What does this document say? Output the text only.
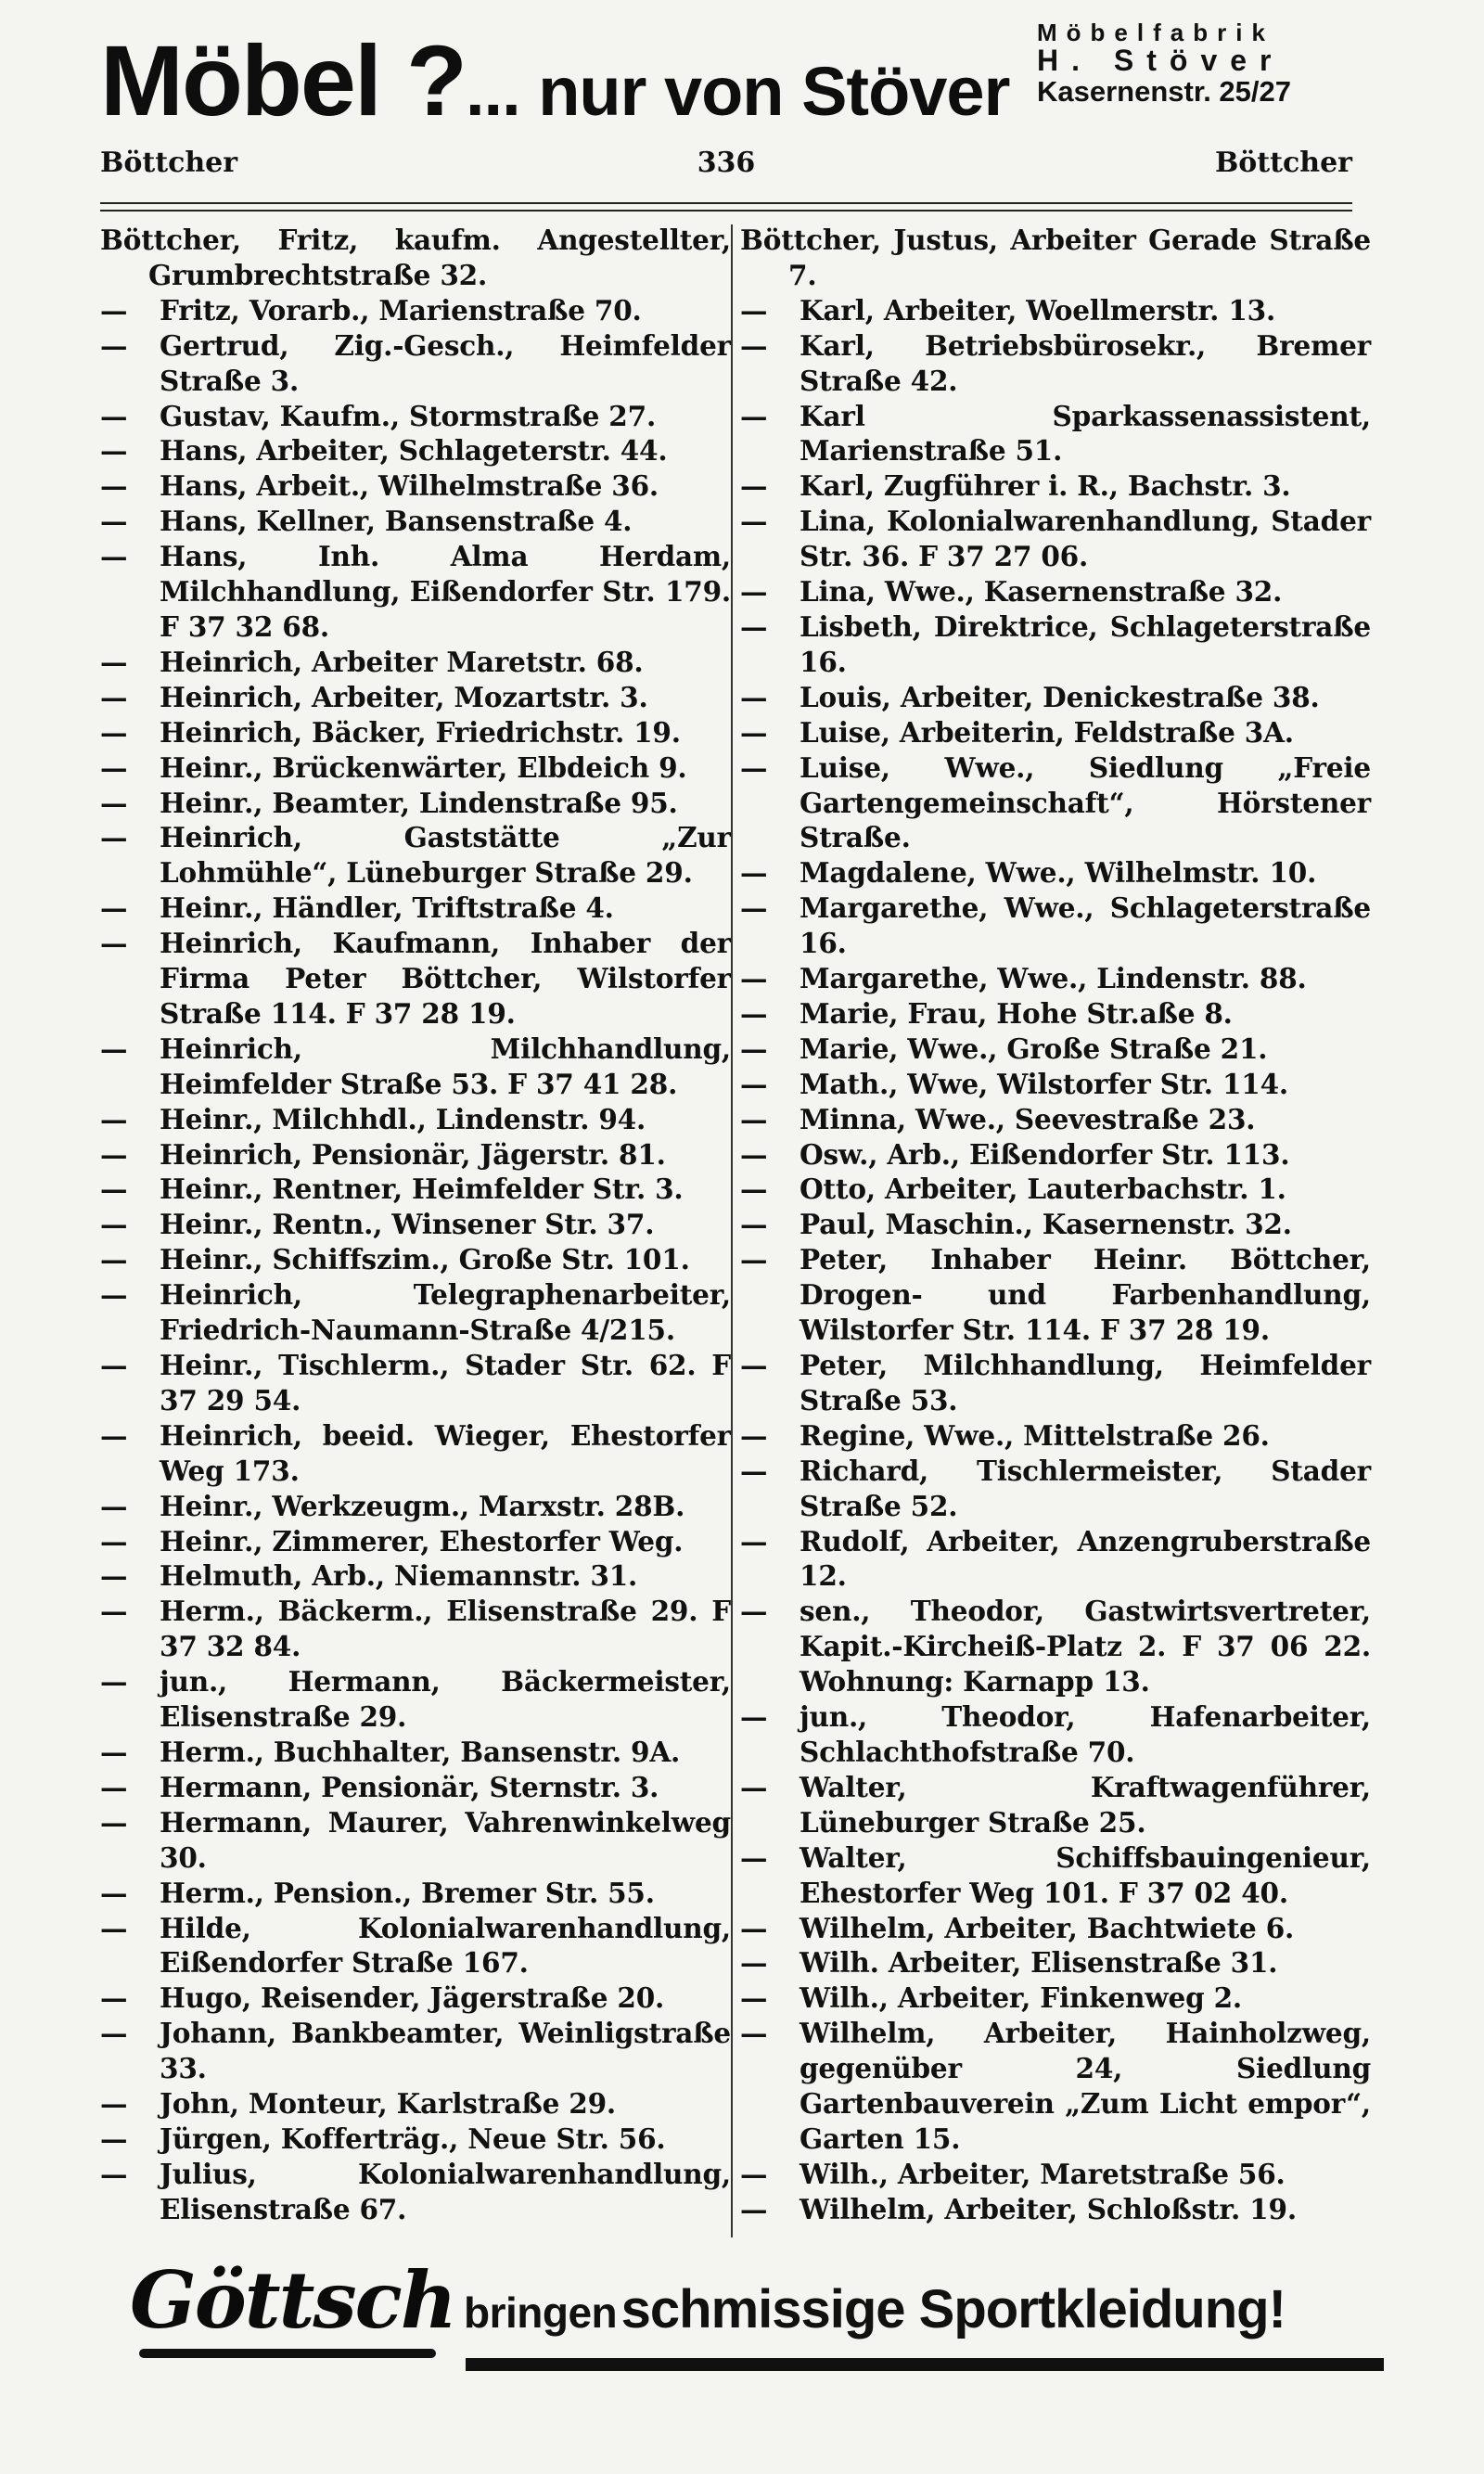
Möbel ?... nur von Stöver
Möbelfabrik
H. Stöver
Kasernenstr. 25/27
Böttcher	336	Böttcher

Böttcher, Fritz, kaufm. Angestellter, Grumbrechtstraße 32.

— Fritz, Vorarb., Marienstraße 70.

— Gertrud, Zig.-Gesch., Heimfelder Straße 3.

— Gustav, Kaufm., Stormstraße 27.

— Hans, Arbeiter, Schlageterstr. 44.

— Hans, Arbeit., Wilhelmstraße 36.

— Hans, Kellner, Bansenstraße 4.

— Hans, Inh. Alma Herdam, Milchhandlung, Eißendorfer Str. 179. F 37 32 68.

— Heinrich, Arbeiter Maretstr. 68.

— Heinrich, Arbeiter, Mozartstr. 3.

— Heinrich, Bäcker, Friedrichstr. 19.

— Heinr., Brückenwärter, Elbdeich 9.

— Heinr., Beamter, Lindenstraße 95.

— Heinrich, Gaststätte „Zur Lohmühle“, Lüneburger Straße 29.

— Heinr., Händler, Triftstraße 4.

— Heinrich, Kaufmann, Inhaber der Firma Peter Böttcher, Wilstorfer Straße 114. F 37 28 19.

— Heinrich, Milchhandlung, Heimfelder Straße 53. F 37 41 28.

— Heinr., Milchhdl., Lindenstr. 94.

— Heinrich, Pensionär, Jägerstr. 81.

— Heinr., Rentner, Heimfelder Str. 3.

— Heinr., Rentn., Winsener Str. 37.

— Heinr., Schiffszim., Große Str. 101.

— Heinrich, Telegraphenarbeiter, Friedrich-Naumann-Straße 4/215.

— Heinr., Tischlerm., Stader Str. 62. F 37 29 54.

— Heinrich, beeid. Wieger, Ehestorfer Weg 173.

— Heinr., Werkzeugm., Marxstr. 28B.

— Heinr., Zimmerer, Ehestorfer Weg.

— Helmuth, Arb., Niemannstr. 31.

— Herm., Bäckerm., Elisenstraße 29. F 37 32 84.

— jun., Hermann, Bäckermeister, Elisenstraße 29.

— Herm., Buchhalter, Bansenstr. 9A.

— Hermann, Pensionär, Sternstr. 3.

— Hermann, Maurer, Vahrenwinkelweg 30.

— Herm., Pension., Bremer Str. 55.

— Hilde, Kolonialwarenhandlung, Eißendorfer Straße 167.

— Hugo, Reisender, Jägerstraße 20.

— Johann, Bankbeamter, Weinligstraße 33.

— John, Monteur, Karlstraße 29.

— Jürgen, Kofferträg., Neue Str. 56.

— Julius, Kolonialwarenhandlung, Elisenstraße 67.

Böttcher, Justus, Arbeiter Gerade Straße 7.

— Karl, Arbeiter, Woellmerstr. 13.

— Karl, Betriebsbürosekr., Bremer Straße 42.

— Karl Sparkassenassistent, Marienstraße 51.

— Karl, Zugführer i. R., Bachstr. 3.

— Lina, Kolonialwarenhandlung, Stader Str. 36. F 37 27 06.

— Lina, Wwe., Kasernenstraße 32.

— Lisbeth, Direktrice, Schlageterstraße 16.

— Louis, Arbeiter, Denickestraße 38.

— Luise, Arbeiterin, Feldstraße 3A.

— Luise, Wwe., Siedlung „Freie Gartengemeinschaft“, Hörstener Straße.

— Magdalene, Wwe., Wilhelmstr. 10.

— Margarethe, Wwe., Schlageterstraße 16.

— Margarethe, Wwe., Lindenstr. 88.

— Marie, Frau, Hohe Str.aße 8.

— Marie, Wwe., Große Straße 21.

— Math., Wwe, Wilstorfer Str. 114.

— Minna, Wwe., Seevestraße 23.

— Osw., Arb., Eißendorfer Str. 113.

— Otto, Arbeiter, Lauterbachstr. 1.

— Paul, Maschin., Kasernenstr. 32.

— Peter, Inhaber Heinr. Böttcher, Drogen- und Farbenhandlung, Wilstorfer Str. 114. F 37 28 19.

— Peter, Milchhandlung, Heimfelder Straße 53.

— Regine, Wwe., Mittelstraße 26.

— Richard, Tischlermeister, Stader Straße 52.

— Rudolf, Arbeiter, Anzengruberstraße 12.

— sen., Theodor, Gastwirtsvertreter, Kapit.-Kircheiß-Platz 2. F 37 06 22. Wohnung: Karnapp 13.

— jun., Theodor, Hafenarbeiter, Schlachthofstraße 70.

— Walter, Kraftwagenführer, Lüneburger Straße 25.

— Walter, Schiffsbauingenieur, Ehestorfer Weg 101. F 37 02 40.

— Wilhelm, Arbeiter, Bachtwiete 6.

— Wilh. Arbeiter, Elisenstraße 31.

— Wilh., Arbeiter, Finkenweg 2.

— Wilhelm, Arbeiter, Hainholzweg, gegenüber 24, Siedlung Gartenbauverein „Zum Licht empor“, Garten 15.

— Wilh., Arbeiter, Maretstraße 56.

— Wilhelm, Arbeiter, Schloßstr. 19.

Göttsch bringen schmissige Sportkleidung!
